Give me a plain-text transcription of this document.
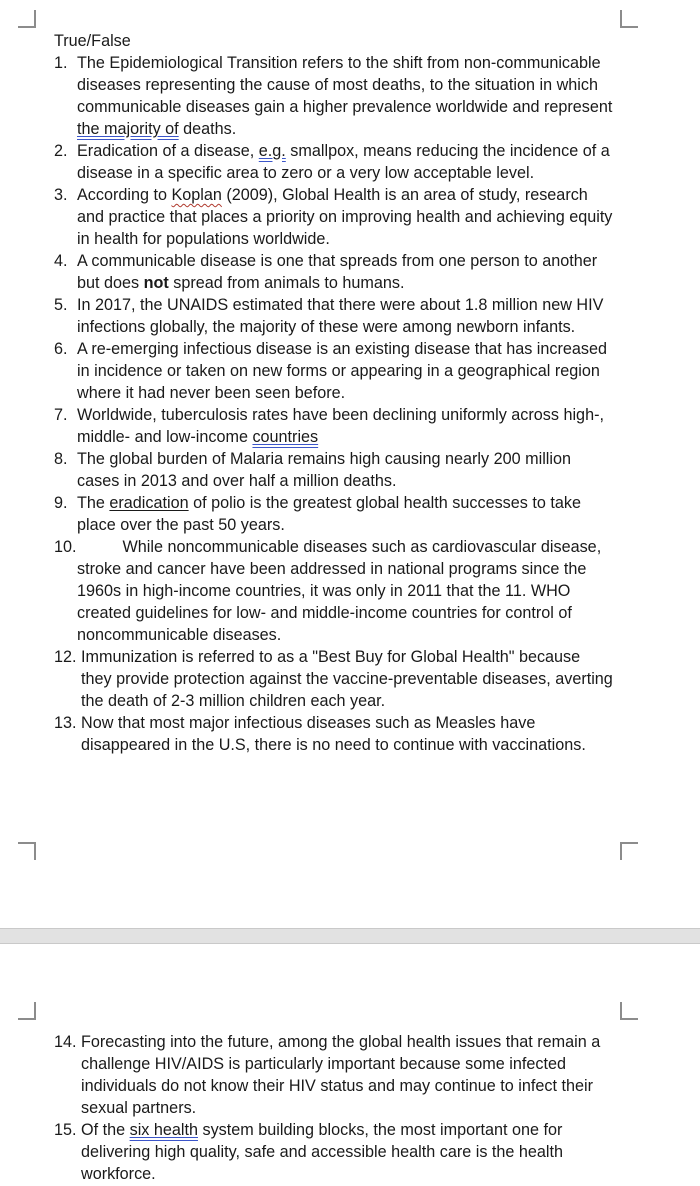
True/False

1. The Epidemiological Transition refers to the shift from non-communicable diseases representing the cause of most deaths, to the situation in which communicable diseases gain a higher prevalence worldwide and represent the majority of deaths.
2. Eradication of a disease, e.g. smallpox, means reducing the incidence of a disease in a specific area to zero or a very low acceptable level.
3. According to Koplan (2009), Global Health is an area of study, research and practice that places a priority on improving health and achieving equity in health for populations worldwide.
4. A communicable disease is one that spreads from one person to another but does not spread from animals to humans.
5. In 2017, the UNAIDS estimated that there were about 1.8 million new HIV infections globally, the majority of these were among newborn infants.
6. A re-emerging infectious disease is an existing disease that has increased in incidence or taken on new forms or appearing in a geographical region where it had never been seen before.
7. Worldwide, tuberculosis rates have been declining uniformly across high-, middle- and low-income countries
8. The global burden of Malaria remains high causing nearly 200 million cases in 2013 and over half a million deaths.
9. The eradication of polio is the greatest global health successes to take place over the past 50 years.
10.	While noncommunicable diseases such as cardiovascular disease, stroke and cancer have been addressed in national programs since the 1960s in high-income countries, it was only in 2011 that the 11. WHO created guidelines for low- and middle-income countries for control of noncommunicable diseases.
12. Immunization is referred to as a "Best Buy for Global Health" because they provide protection against the vaccine-preventable diseases, averting the death of 2-3 million children each year.
13. Now that most major infectious diseases such as Measles have disappeared in the U.S, there is no need to continue with vaccinations.
14. Forecasting into the future, among the global health issues that remain a challenge HIV/AIDS is particularly important because some infected individuals do not know their HIV status and may continue to infect their sexual partners.
15. Of the six health system building blocks, the most important one for delivering high quality, safe and accessible health care is the health workforce.
